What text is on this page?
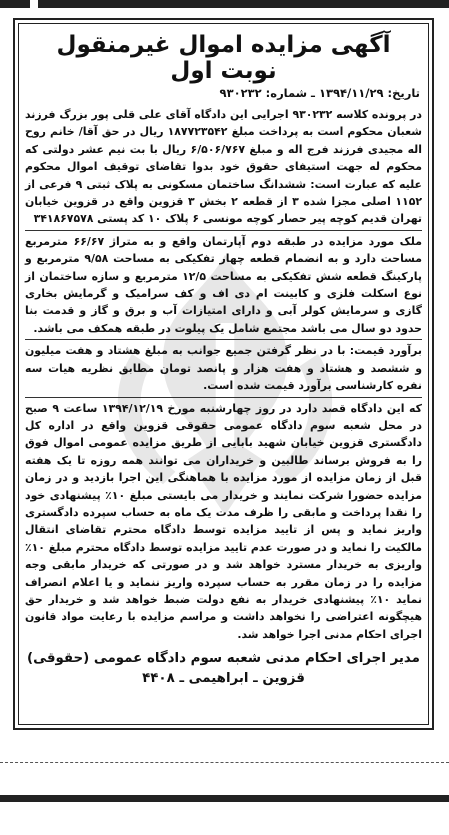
آگهی مزایده اموال غیرمنقول نوبت اول
تاریخ: ۱۳۹۴/۱۱/۲۹ ـ شماره: ۹۳۰۲۳۲

در پرونده کلاسه ۹۳۰۲۳۲ اجرایی این دادگاه آقای علی قلی پور بزرگ فرزند شعبان محکوم است به پرداخت مبلغ ۱۸۷۷۲۳۵۴۲ ریال در حق آقا/ خانم روح اله مجیدی فرزند فرج اله و مبلغ ۶/۵۰۶/۷۶۷ ریال با بت نیم عشر دولتی که محکوم له جهت استیفای حقوق خود بدوا تقاضای توقیف اموال محکوم علیه که عبارت است: ششدانگ ساختمان مسکونی به پلاک ثبتی ۹ فرعی از ۱۱۵۲ اصلی مجزا شده ۳ از قطعه ۲ بخش ۳ قزوین واقع در قزوین خیابان تهران قدیم کوچه پیر حصار کوچه مونسی ۶ پلاک ۱۰ کد پستی ۳۴۱۸۶۷۵۷۸

ملک مورد مزایده در طبقه دوم آپارتمان واقع و به متراژ ۶۶/۶۷ مترمربع مساحت دارد و به انضمام قطعه چهار تفکیکی به مساحت ۹/۵۸ مترمربع و پارکینگ قطعه شش تفکیکی به مساحت ۱۲/۵ مترمربع و سازه ساختمان از نوع اسکلت فلزی و کابینت ام دی اف و کف سرامیک و گرمایش بخاری گازی و سرمایش کولر آبی و دارای امتیازات آب و برق و گاز و قدمت بنا حدود دو سال می باشد مجتمع شامل یک پیلوت در طبقه همکف می باشد.

برآورد قیمت: با در نظر گرفتن جمیع جوانب به مبلغ هشتاد و هفت میلیون و ششصد و هشتاد و هفت هزار و پانصد تومان مطابق نظریه هیات سه نفره کارشناسی برآورد قیمت شده است.

که این دادگاه قصد دارد در روز چهارشنبه مورخ ۱۳۹۴/۱۲/۱۹ ساعت ۹ صبح در محل شعبه سوم دادگاه عمومی حقوقی قزوین واقع در اداره کل دادگستری قزوین خیابان شهید بابایی از طریق مزایده عمومی اموال فوق را به فروش برساند طالبین و خریداران می توانند همه روزه تا یک هفته قبل از زمان مزایده از مورد مزایده با هماهنگی این اجرا بازدید و در زمان مزایده حضورا شرکت نمایند و خریدار می بایستی مبلغ ۱۰٪ پیشنهادی خود را نقدا پرداخت و مابقی را ظرف مدت یک ماه به حساب سپرده دادگستری واریز نماید و پس از تایید مزایده توسط دادگاه محترم تقاضای انتقال مالکیت را نماید و در صورت عدم تایید مزایده توسط دادگاه محترم مبلغ ۱۰٪ واریزی به خریدار مسترد خواهد شد و در صورتی که خریدار مابقی وجه مزایده را در زمان مقرر به حساب سپرده واریز ننماید و یا اعلام انصراف نماید ۱۰٪ پیشنهادی خریدار به نفع دولت ضبط خواهد شد و خریدار حق هیچگونه اعتراضی را نخواهد داشت و مراسم مزایده با رعایت مواد قانون اجرای احکام مدنی اجرا خواهد شد.

مدیر اجرای احکام مدنی شعبه سوم دادگاه عمومی (حقوقی)
قزوین ـ ابراهیمی ـ ۴۴۰۸
